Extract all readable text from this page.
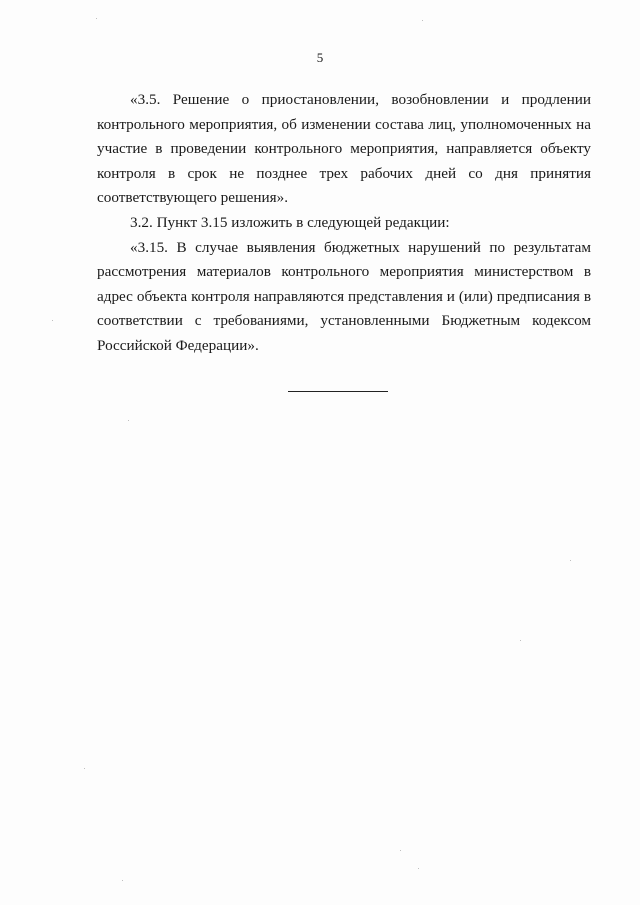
5

«3.5. Решение о приостановлении, возобновлении и продлении контрольного мероприятия, об изменении состава лиц, уполномоченных на участие в проведении контрольного мероприятия, направляется объекту контроля в срок не позднее трех рабочих дней со дня принятия соответствующего решения».

3.2. Пункт 3.15 изложить в следующей редакции:

«3.15. В случае выявления бюджетных нарушений по результатам рассмотрения материалов контрольного мероприятия министерством в адрес объекта контроля направляются представления и (или) предписания в соответствии с требованиями, установленными Бюджетным кодексом Российской Федерации».
